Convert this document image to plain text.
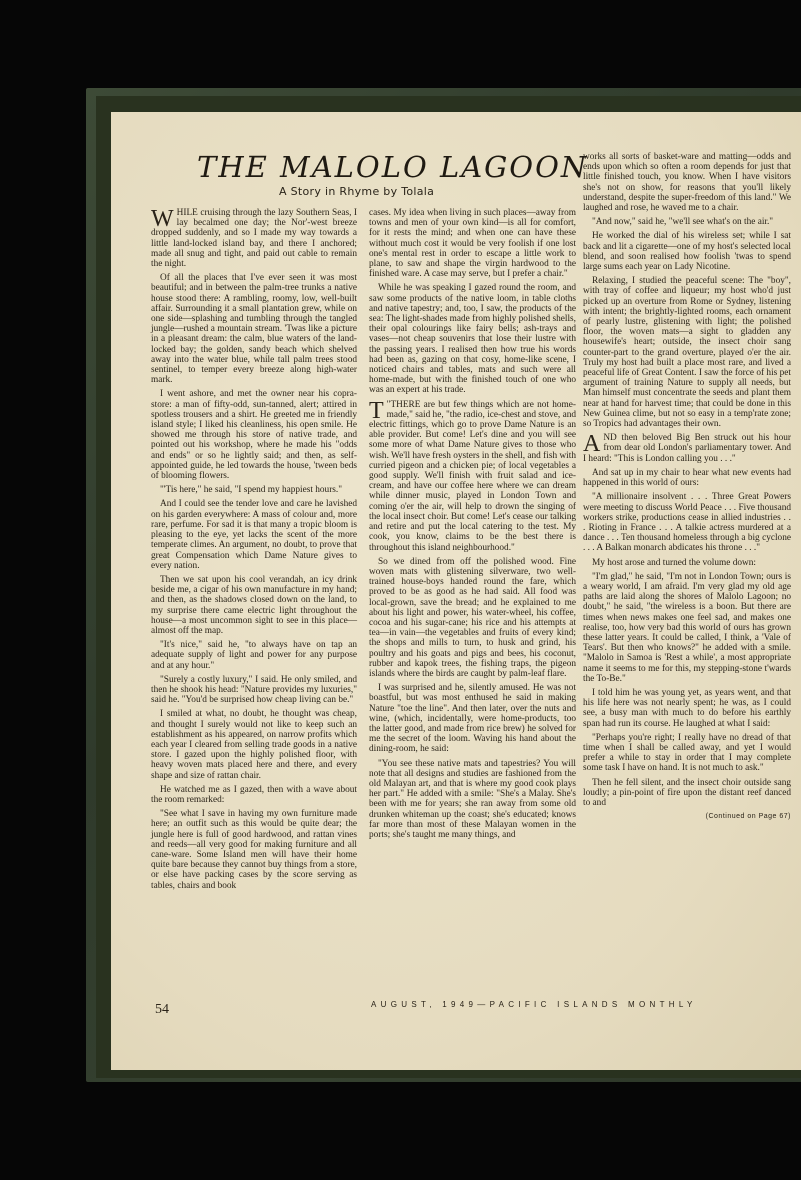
THE MALOLO LAGOON
A Story in Rhyme by Tolala

WHILE cruising through the lazy Southern Seas, I lay becalmed one day; the Nor'-west breeze dropped suddenly, and so I made my way towards a little land-locked island bay, and there I anchored; made all snug and tight, and paid out cable to remain the night.

Of all the places that I've ever seen it was most beautiful; and in between the palm-tree trunks a native house stood there: A rambling, roomy, low, well-built affair. Surrounding it a small plantation grew, while on one side—splashing and tumbling through the tangled jungle—rushed a mountain stream. 'Twas like a picture in a pleasant dream: the calm, blue waters of the land-locked bay; the golden, sandy beach which shelved away into the water blue, while tall palm trees stood sentinel, to temper every breeze along high-water mark.

I went ashore, and met the owner near his copra-store: a man of fifty-odd, sun-tanned, alert; attired in spotless trousers and a shirt. He greeted me in friendly island style; I liked his cleanliness, his open smile. He showed me through his store of native trade, and pointed out his workshop, where he made his "odds and ends" or so he lightly said; and then, as self-appointed guide, he led towards the house, 'tween beds of blooming flowers.

"'Tis here," he said, "I spend my happiest hours."

And I could see the tender love and care he lavished on his garden everywhere: A mass of colour and, more rare, perfume. For sad it is that many a tropic bloom is pleasing to the eye, yet lacks the scent of the more temperate climes. An argument, no doubt, to prove that great Compensation which Dame Nature gives to every nation.

Then we sat upon his cool verandah, an icy drink beside me, a cigar of his own manufacture in my hand; and then, as the shadows closed down on the land, to my surprise there came electric light throughout the house—a most uncommon sight to see in this place—almost off the map.

"It's nice," said he, "to always have on tap an adequate supply of light and power for any purpose and at any hour."

"Surely a costly luxury," I said. He only smiled, and then he shook his head: "Nature provides my luxuries," said he. "You'd be surprised how cheap living can be."

I smiled at what, no doubt, he thought was cheap, and thought I surely would not like to keep such an establishment as his appeared, on narrow profits which each year I cleared from selling trade goods in a native store. I gazed upon the highly polished floor, with heavy woven mats placed here and there, and every shape and size of rattan chair.

He watched me as I gazed, then with a wave about the room remarked:

"See what I save in having my own furniture made here; an outfit such as this would be quite dear; the jungle here is full of good hardwood, and rattan vines and reeds—all very good for making furniture and all cane-ware. Some Island men will have their home quite bare because they cannot buy things from a store, or else have packing cases by the score serving as tables, chairs and book

cases. My idea when living in such places—away from towns and men of your own kind—is all for comfort, for it rests the mind; and when one can have these without much cost it would be very foolish if one lost one's mental rest in order to escape a little work to plane, to saw and shape the virgin hardwood to the finished ware. A case may serve, but I prefer a chair."

While he was speaking I gazed round the room, and saw some products of the native loom, in table cloths and native tapestry; and, too, I saw, the products of the sea: The light-shades made from highly polished shells, their opal colourings like fairy bells; ash-trays and vases—not cheap souvenirs that lose their lustre with the passing years. I realised then how true his words had been as, gazing on that cosy, home-like scene, I noticed chairs and tables, mats and such were all home-made, but with the finished touch of one who was an expert at his trade.

T "THERE are but few things which are not home-made," said he, "the radio, ice-chest and stove, and electric fittings, which go to prove Dame Nature is an able provider. But come! Let's dine and you will see some more of what Dame Nature gives to those who wish. We'll have fresh oysters in the shell, and fish with curried pigeon and a chicken pie; of local vegetables a good supply. We'll finish with fruit salad and ice-cream, and have our coffee here where we can dream while dinner music, played in London Town and coming o'er the air, will help to drown the singing of the local insect choir. But come! Let's cease our talking and retire and put the local catering to the test. My cook, you know, claims to be the best there is throughout this island neighbourhood."

So we dined from off the polished wood. Fine woven mats with glistening silverware, two well-trained house-boys handed round the fare, which proved to be as good as he had said. All food was local-grown, save the bread; and he explained to me about his light and power, his water-wheel, his coffee, cocoa and his sugar-cane; his rice and his attempts at tea—in vain—the vegetables and fruits of every kind; the shops and mills to turn, to husk and grind, his poultry and his goats and pigs and bees, his coconut, rubber and kapok trees, the fishing traps, the pigeon islands where the birds are caught by palm-leaf flare.

I was surprised and he, silently amused. He was not boastful, but was most enthused he said in making Nature "toe the line". And then later, over the nuts and wine, (which, incidentally, were home-products, too the latter good, and made from rice brew) he solved for me the secret of the loom. Waving his hand about the dining-room, he said:

"You see these native mats and tapestries? You will note that all designs and studies are fashioned from the old Malayan art, and that is where my good cook plays her part." He added with a smile: "She's a Malay. She's been with me for years; she ran away from some old drunken whiteman up the coast; she's educated; knows far more than most of these Malayan women in the ports; she's taught me many things, and

works all sorts of basket-ware and matting—odds and ends upon which so often a room depends for just that little finished touch, you know. When I have visitors she's not on show, for reasons that you'll likely understand, despite the super-freedom of this land." We laughed and rose, he waved me to a chair.

"And now," said he, "we'll see what's on the air."

He worked the dial of his wireless set; while I sat back and lit a cigarette—one of my host's selected local blend, and soon realised how foolish 'twas to spend large sums each year on Lady Nicotine.

Relaxing, I studied the peaceful scene: The "boy", with tray of coffee and liqueur; my host who'd just picked up an overture from Rome or Sydney, listening with intent; the brightly-lighted rooms, each ornament of pearly lustre, glistening with light; the polished floor, the woven mats—a sight to gladden any housewife's heart; outside, the insect choir sang counter-part to the grand overture, played o'er the air. Truly my host had built a place most rare, and lived a peaceful life of Great Content. I saw the force of his pet argument of training Nature to supply all needs, but Man himself must concentrate the seeds and plant them near at hand for harvest time; that could be done in this New Guinea clime, but not so easy in a temp'rate zone; so Tropics had advantages their own.

AND then beloved Big Ben struck out his hour from dear old London's parliamentary tower. And I heard: "This is London calling you . . ."

And sat up in my chair to hear what new events had happened in this world of ours:

"A millionaire insolvent . . . Three Great Powers were meeting to discuss World Peace . . . Five thousand workers strike, productions cease in allied industries . . . Rioting in France . . . A talkie actress murdered at a dance . . . Ten thousand homeless through a big cyclone . . . A Balkan monarch abdicates his throne . . ."

My host arose and turned the volume down:

"I'm glad," he said, "I'm not in London Town; ours is a weary world, I am afraid. I'm very glad my old age paths are laid along the shores of Malolo Lagoon; no doubt," he said, "the wireless is a boon. But there are times when news makes one feel sad, and makes one realise, too, how very bad this world of ours has grown these latter years. It could be called, I think, a 'Vale of Tears'. But then who knows?" he added with a smile. "Malolo in Samoa is 'Rest a while', a most appropriate name it seems to me for this, my stepping-stone t'wards the To-Be."

I told him he was young yet, as years went, and that his life here was not nearly spent; he was, as I could see, a busy man with much to do before his earthly span had run its course. He laughed at what I said:

"Perhaps you're right; I really have no dread of that time when I shall be called away, and yet I would prefer a while to stay in order that I may complete some task I have on hand. It is not much to ask."

Then he fell silent, and the insect choir outside sang loudly; a pin-point of fire upon the distant reef danced to and

(Continued on Page 67)
54	AUGUST, 1949—PACIFIC ISLANDS MONTHLY
